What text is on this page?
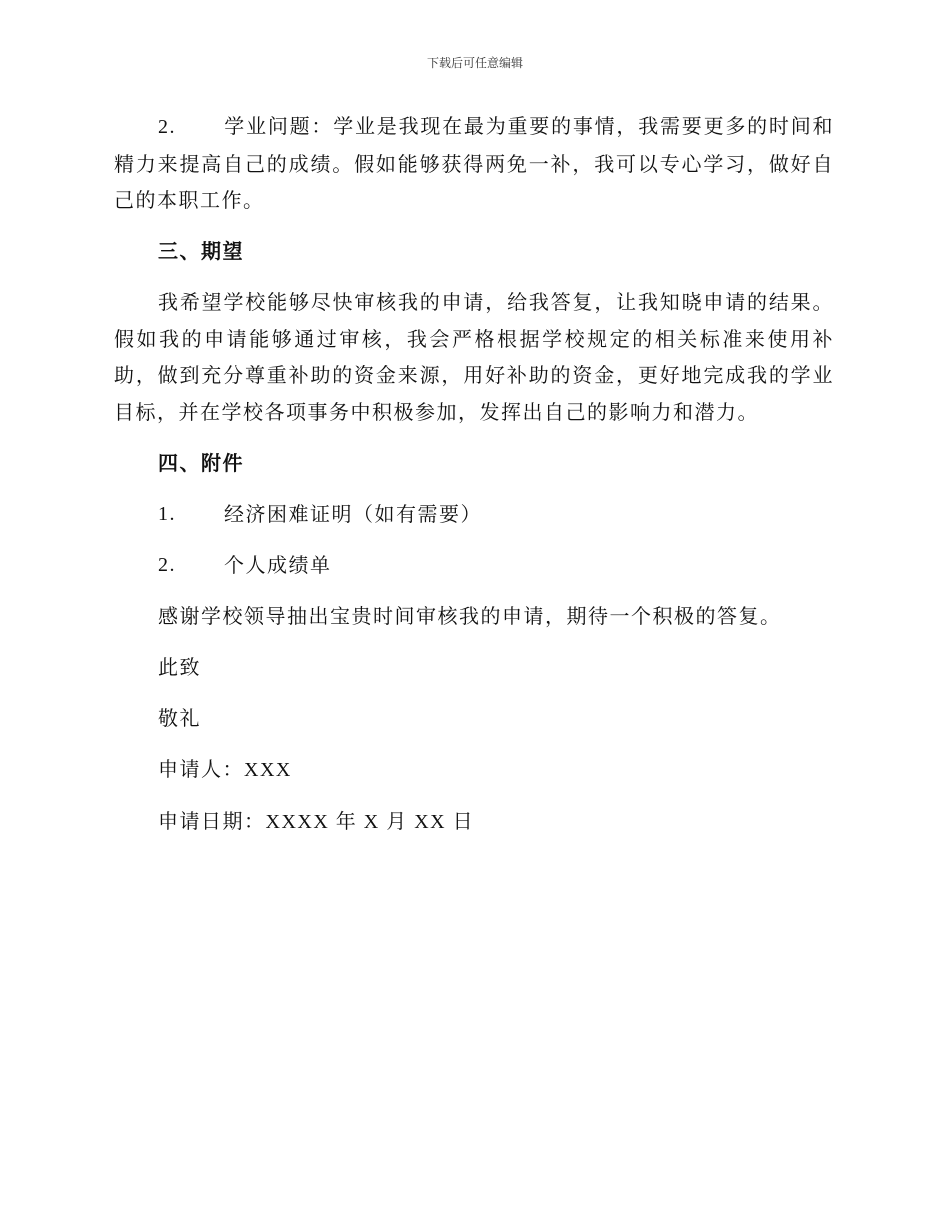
下载后可任意编辑

2. 学业问题：学业是我现在最为重要的事情，我需要更多的时间和精力来提高自己的成绩。假如能够获得两免一补，我可以专心学习，做好自己的本职工作。

三、期望

我希望学校能够尽快审核我的申请，给我答复，让我知晓申请的结果。假如我的申请能够通过审核，我会严格根据学校规定的相关标准来使用补助，做到充分尊重补助的资金来源，用好补助的资金，更好地完成我的学业目标，并在学校各项事务中积极参加，发挥出自己的影响力和潜力。

四、附件
1.	经济困难证明（如有需要）
2.	个人成绩单
感谢学校领导抽出宝贵时间审核我的申请，期待一个积极的答复。
此致
敬礼
申请人：XXX
申请日期：XXXX 年 X 月 XX 日
